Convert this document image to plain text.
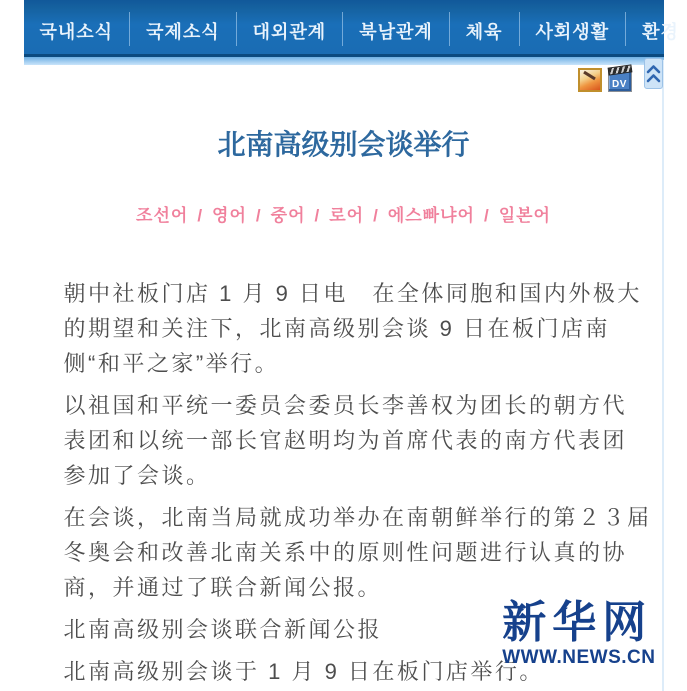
국내소식	국제소식	대외관계	북남관계	체육	사회생활	환경
DV
北南高级别会谈举行
조선어 / 영어 / 중어 / 로어 / 에스빠냐어 / 일본어

朝中社板门店 1 月 9 日电　在全体同胞和国内外极大
的期望和关注下，北南高级别会谈 9 日在板门店南
侧“和平之家”举行。

以祖国和平统一委员会委员长李善权为团长的朝方代
表团和以统一部长官赵明均为首席代表的南方代表团
参加了会谈。

在会谈，北南当局就成功举办在南朝鲜举行的第２３届
冬奥会和改善北南关系中的原则性问题进行认真的协
商，并通过了联合新闻公报。

北南高级别会谈联合新闻公报

北南高级别会谈于 1 月 9 日在板门店举行。

新华网
WWW.NEWS.CN
